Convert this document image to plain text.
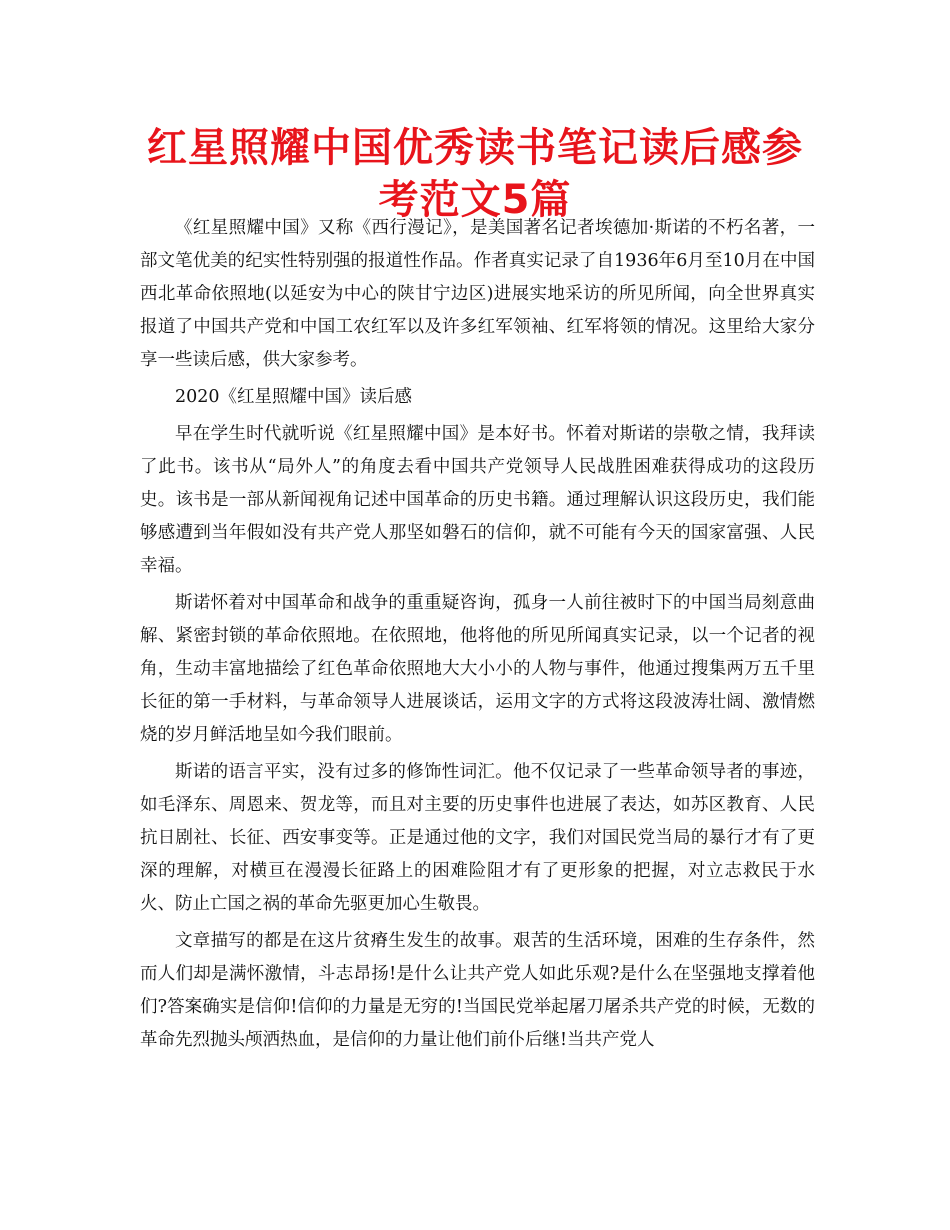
红星照耀中国优秀读书笔记读后感参考范文5篇

《红星照耀中国》又称《西行漫记》，是美国著名记者埃德加·斯诺的不朽名著，一部文笔优美的纪实性特别强的报道性作品。作者真实记录了自1936年6月至10月在中国西北革命依照地(以延安为中心的陕甘宁边区)进展实地采访的所见所闻，向全世界真实报道了中国共产党和中国工农红军以及许多红军领袖、红军将领的情况。这里给大家分享一些读后感，供大家参考。

2020《红星照耀中国》读后感

早在学生时代就听说《红星照耀中国》是本好书。怀着对斯诺的崇敬之情，我拜读了此书。该书从“局外人”的角度去看中国共产党领导人民战胜困难获得成功的这段历史。该书是一部从新闻视角记述中国革命的历史书籍。通过理解认识这段历史，我们能够感遭到当年假如没有共产党人那坚如磐石的信仰，就不可能有今天的国家富强、人民幸福。

斯诺怀着对中国革命和战争的重重疑咨询，孤身一人前往被时下的中国当局刻意曲解、紧密封锁的革命依照地。在依照地，他将他的所见所闻真实记录，以一个记者的视角，生动丰富地描绘了红色革命依照地大大小小的人物与事件，他通过搜集两万五千里长征的第一手材料，与革命领导人进展谈话，运用文字的方式将这段波涛壮阔、激情燃烧的岁月鲜活地呈如今我们眼前。

斯诺的语言平实，没有过多的修饰性词汇。他不仅记录了一些革命领导者的事迹，如毛泽东、周恩来、贺龙等，而且对主要的历史事件也进展了表达，如苏区教育、人民抗日剧社、长征、西安事变等。正是通过他的文字，我们对国民党当局的暴行才有了更深的理解，对横亘在漫漫长征路上的困难险阻才有了更形象的把握，对立志救民于水火、防止亡国之祸的革命先驱更加心生敬畏。

文章描写的都是在这片贫瘠生发生的故事。艰苦的生活环境，困难的生存条件，然而人们却是满怀激情，斗志昂扬!是什么让共产党人如此乐观?是什么在坚强地支撑着他们?答案确实是信仰!信仰的力量是无穷的!当国民党举起屠刀屠杀共产党的时候，无数的革命先烈抛头颅洒热血，是信仰的力量让他们前仆后继!当共产党人
